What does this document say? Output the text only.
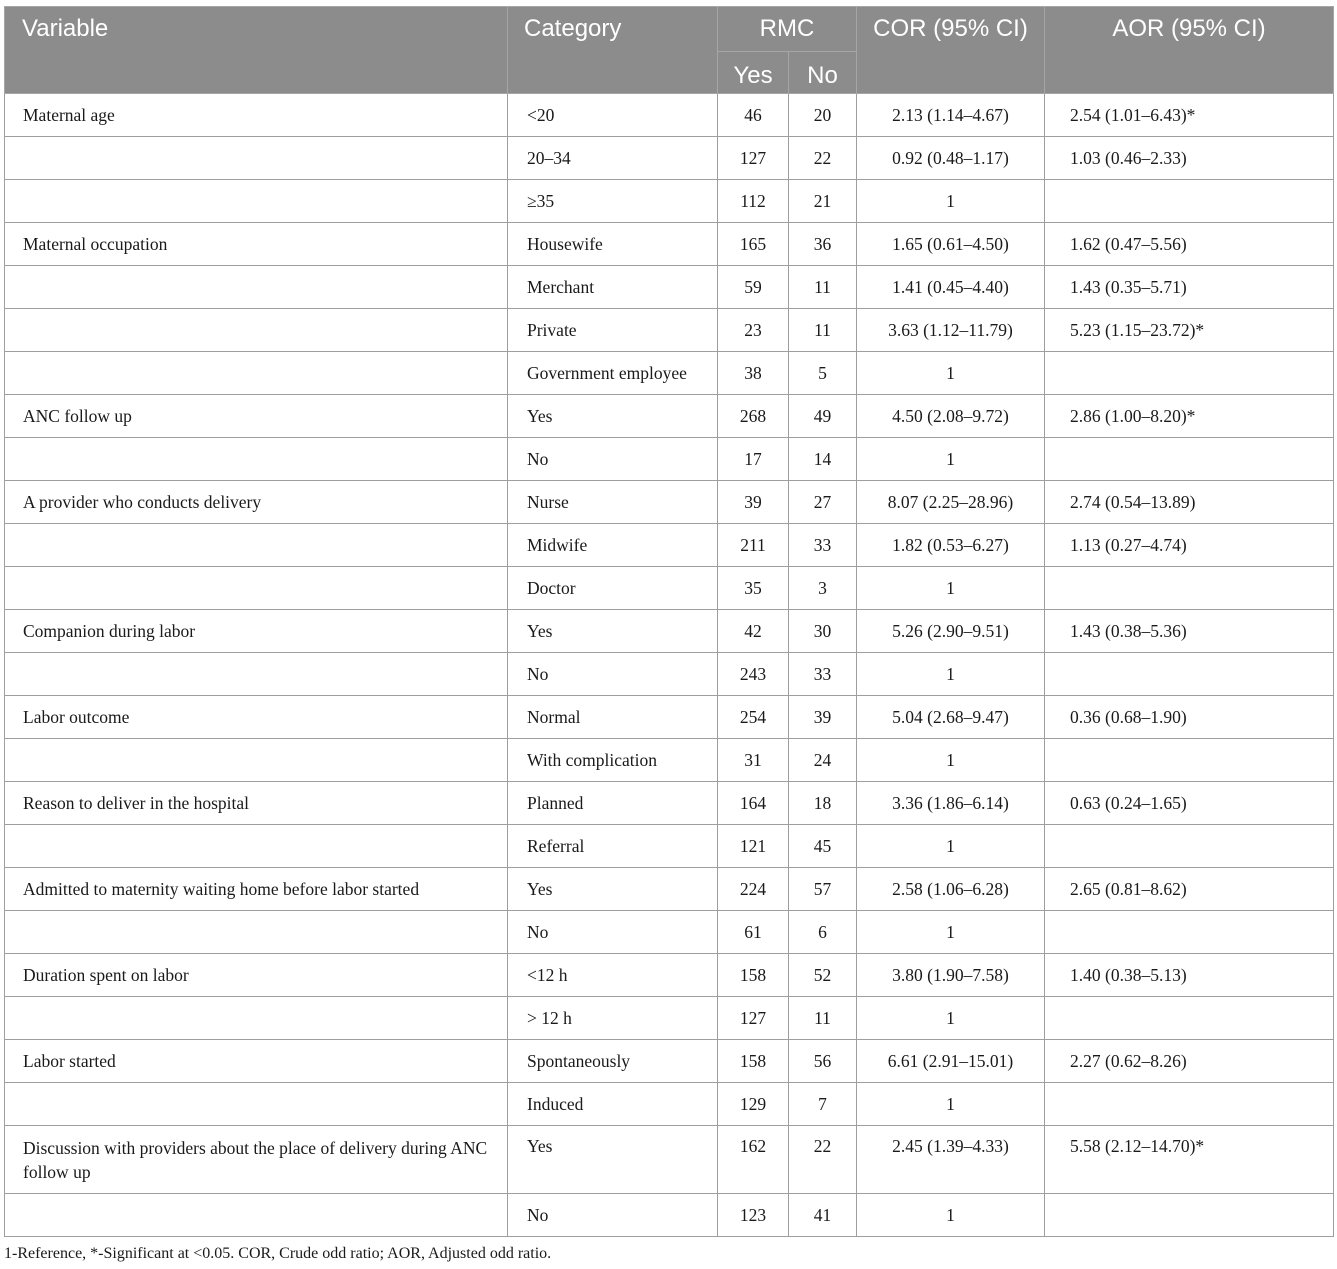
Variable	Category	RMC		COR (95% CI)	AOR (95% CI)
		Yes	No		
Maternal age	<20	46	20	2.13 (1.14–4.67)	2.54 (1.01–6.43)*
	20–34	127	22	0.92 (0.48–1.17)	1.03 (0.46–2.33)
	≥35	112	21	1	
Maternal occupation	Housewife	165	36	1.65 (0.61–4.50)	1.62 (0.47–5.56)
	Merchant	59	11	1.41 (0.45–4.40)	1.43 (0.35–5.71)
	Private	23	11	3.63 (1.12–11.79)	5.23 (1.15–23.72)*
	Government employee	38	5	1	
ANC follow up	Yes	268	49	4.50 (2.08–9.72)	2.86 (1.00–8.20)*
	No	17	14	1	
A provider who conducts delivery	Nurse	39	27	8.07 (2.25–28.96)	2.74 (0.54–13.89)
	Midwife	211	33	1.82 (0.53–6.27)	1.13 (0.27–4.74)
	Doctor	35	3	1	
Companion during labor	Yes	42	30	5.26 (2.90–9.51)	1.43 (0.38–5.36)
	No	243	33	1	
Labor outcome	Normal	254	39	5.04 (2.68–9.47)	0.36 (0.68–1.90)
	With complication	31	24	1	
Reason to deliver in the hospital	Planned	164	18	3.36 (1.86–6.14)	0.63 (0.24–1.65)
	Referral	121	45	1	
Admitted to maternity waiting home before labor started	Yes	224	57	2.58 (1.06–6.28)	2.65 (0.81–8.62)
	No	61	6	1	
Duration spent on labor	<12 h	158	52	3.80 (1.90–7.58)	1.40 (0.38–5.13)
	> 12 h	127	11	1	
Labor started	Spontaneously	158	56	6.61 (2.91–15.01)	2.27 (0.62–8.26)
	Induced	129	7	1	
Discussion with providers about the place of delivery during ANC follow up	Yes	162	22	2.45 (1.39–4.33)	5.58 (2.12–14.70)*
	No	123	41	1	
1-Reference, *-Significant at <0.05. COR, Crude odd ratio; AOR, Adjusted odd ratio.
